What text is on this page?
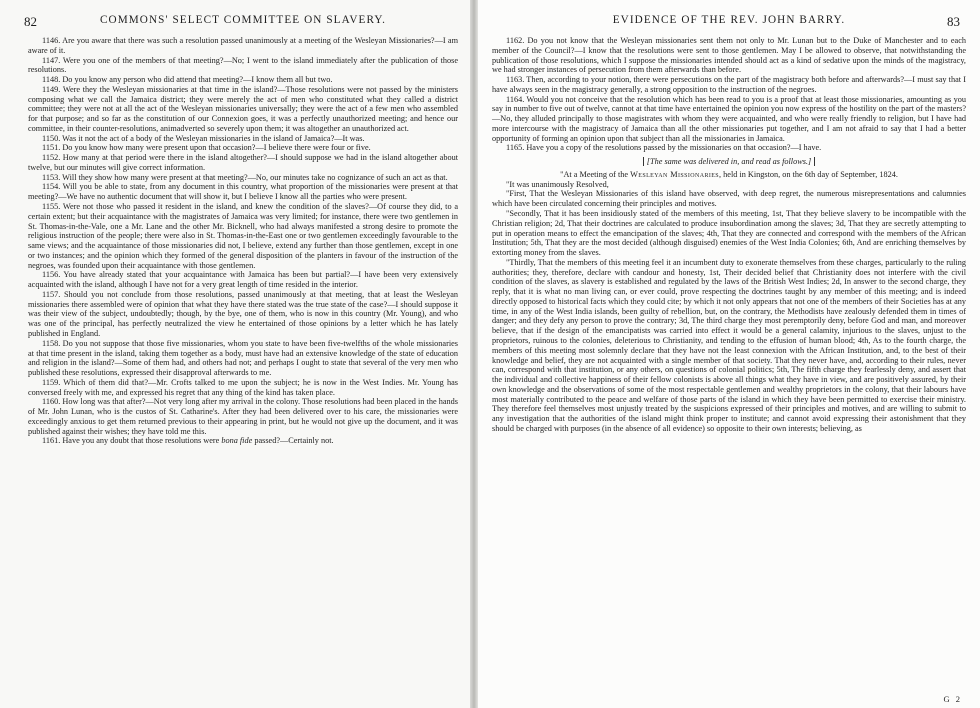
82	COMMONS' SELECT COMMITTEE ON SLAVERY.

1146. Are you aware that there was such a resolution passed unanimously at a meeting of the Wesleyan Missionaries?—I am aware of it.

1147. Were you one of the members of that meeting?—No; I went to the island immediately after the publication of those resolutions.

1148. Do you know any person who did attend that meeting?—I know them all but two.

1149. Were they the Wesleyan missionaries at that time in the island?—Those resolutions were not passed by the ministers composing what we call the Jamaica district; they were merely the act of men who constituted what they called a district committee; they were not at all the act of the Wesleyan missionaries universally; they were the act of a few men who assembled for that purpose; and so far as the constitution of our Connexion goes, it was a perfectly unauthorized meeting; and hence our committee, in their counter-resolutions, animadverted so severely upon them; it was altogether an unauthorized act.

1150. Was it not the act of a body of the Wesleyan missionaries in the island of Jamaica?—It was.

1151. Do you know how many were present upon that occasion?—I believe there were four or five.

1152. How many at that period were there in the island altogether?—I should suppose we had in the island altogether about twelve, but our minutes will give correct information.

1153. Will they show how many were present at that meeting?—No, our minutes take no cognizance of such an act as that.

1154. Will you be able to state, from any document in this country, what proportion of the missionaries were present at that meeting?—We have no authentic document that will show it, but I believe I know all the parties who were present.

1155. Were not those who passed it resident in the island, and knew the condition of the slaves?—Of course they did, to a certain extent; but their acquaintance with the magistrates of Jamaica was very limited; for instance, there were two gentlemen in St. Thomas-in-the-Vale, one a Mr. Lane and the other Mr. Bicknell, who had always manifested a strong desire to promote the religious instruction of the people; there were also in St. Thomas-in-the-East one or two gentlemen exceedingly favourable to the same views; and the acquaintance of those missionaries did not, I believe, extend any further than those gentlemen, except in one or two instances; and the opinion which they formed of the general disposition of the planters in favour of the instruction of the negroes, was founded upon their acquaintance with those gentlemen.

1156. You have already stated that your acquaintance with Jamaica has been but partial?—I have been very extensively acquainted with the island, although I have not for a very great length of time resided in the interior.

1157. Should you not conclude from those resolutions, passed unanimously at that meeting, that at least the Wesleyan missionaries there assembled were of opinion that what they have there stated was the true state of the case?—I should suppose it was their view of the subject, undoubtedly; though, by the bye, one of them, who is now in this country (Mr. Young), and who was one of the principal, has perfectly neutralized the view he entertained of those opinions by a letter which he has lately published in England.

1158. Do you not suppose that those five missionaries, whom you state to have been five-twelfths of the whole missionaries at that time present in the island, taking them together as a body, must have had an extensive knowledge of the state of education and religion in the island?—Some of them had, and others had not; and perhaps I ought to state that several of the very men who published these resolutions, expressed their disapproval afterwards to me.

1159. Which of them did that?—Mr. Crofts talked to me upon the subject; he is now in the West Indies. Mr. Young has conversed freely with me, and expressed his regret that any thing of the kind has taken place.

1160. How long was that after?—Not very long after my arrival in the colony. Those resolutions had been placed in the hands of Mr. John Lunan, who is the custos of St. Catharine's. After they had been delivered over to his care, the missionaries were exceedingly anxious to get them returned previous to their appearing in print, but he would not give up the document, and it was published against their wishes; they have told me this.

1161. Have you any doubt that those resolutions were bona fide passed?—Certainly not.

EVIDENCE OF THE REV. JOHN BARRY.	83

1162. Do you not know that the Wesleyan missionaries sent them not only to Mr. Lunan but to the Duke of Manchester and to each member of the Council?—I know that the resolutions were sent to those gentlemen. May I be allowed to observe, that notwithstanding the publication of those resolutions, which I suppose the missionaries intended should act as a kind of sedative upon the minds of the magistracy, we had stronger instances of persecution from them afterwards than before.

1163. Then, according to your notion, there were persecutions on the part of the magistracy both before and afterwards?—I must say that I have always seen in the magistracy generally, a strong opposition to the instruction of the negroes.

1164. Would you not conceive that the resolution which has been read to you is a proof that at least those missionaries, amounting as you say in number to five out of twelve, cannot at that time have entertained the opinion you now express of the hostility on the part of the masters?—No, they alluded principally to those magistrates with whom they were acquainted, and who were really friendly to religion, but I have had more intercourse with the magistracy of Jamaica than all the other missionaries put together, and I am not afraid to say that I had a better opportunity of forming an opinion upon that subject than all the missionaries in Jamaica.

1165. Have you a copy of the resolutions passed by the missionaries on that occasion?—I have.

[The same was delivered in, and read as follows.]

"At a Meeting of the Wesleyan Missionaries, held in Kingston, on the 6th day of September, 1824.

"It was unanimously Resolved,

"First, That the Wesleyan Missionaries of this island have observed, with deep regret, the numerous misrepresentations and calumnies which have been circulated concerning their principles and motives.

"Secondly, That it has been insidiously stated of the members of this meeting, 1st, That they believe slavery to be incompatible with the Christian religion; 2d, That their doctrines are calculated to produce insubordination among the slaves; 3d, That they are secretly attempting to put in operation means to effect the emancipation of the slaves; 4th, That they are connected and correspond with the members of the African Institution; 5th, That they are the most decided (although disguised) enemies of the West India Colonies; 6th, And are enriching themselves by extorting money from the slaves.

"Thirdly, That the members of this meeting feel it an incumbent duty to exonerate themselves from these charges, particularly to the ruling authorities; they, therefore, declare with candour and honesty, 1st, Their decided belief that Christianity does not interfere with the civil condition of the slaves, as slavery is established and regulated by the laws of the British West Indies; 2d, In answer to the second charge, they reply, that it is what no man living can, or ever could, prove respecting the doctrines taught by any member of this meeting; and is indeed directly opposed to historical facts which they could cite; by which it not only appears that not one of the members of their Societies has at any time, in any of the West India islands, been guilty of rebellion, but, on the contrary, the Methodists have zealously defended them in times of danger; and they defy any person to prove the contrary; 3d, The third charge they most peremptorily deny, before God and man, and moreover believe, that if the design of the emancipatists was carried into effect it would be a general calamity, injurious to the slaves, unjust to the proprietors, ruinous to the colonies, deleterious to Christianity, and tending to the effusion of human blood; 4th, As to the fourth charge, the members of this meeting most solemnly declare that they have not the least connexion with the African Institution, and, to the best of their knowledge and belief, they are not acquainted with a single member of that society. That they never have, and, according to their rules, never can, correspond with that institution, or any others, on questions of colonial politics; 5th, The fifth charge they fearlessly deny, and assert that the individual and collective happiness of their fellow colonists is above all things what they have in view, and are positively assured, by their own knowledge and the observations of some of the most respectable gentlemen and wealthy proprietors in the colony, that their labours have most materially contributed to the peace and welfare of those parts of the island in which they have been permitted to exercise their ministry. They therefore feel themselves most unjustly treated by the suspicions expressed of their principles and motives, and are willing to submit to any investigation that the authorities of the island might think proper to institute; and cannot avoid expressing their astonishment that they should be charged with purposes (in the absence of all evidence) so opposite to their own interests; believing, as

G 2
